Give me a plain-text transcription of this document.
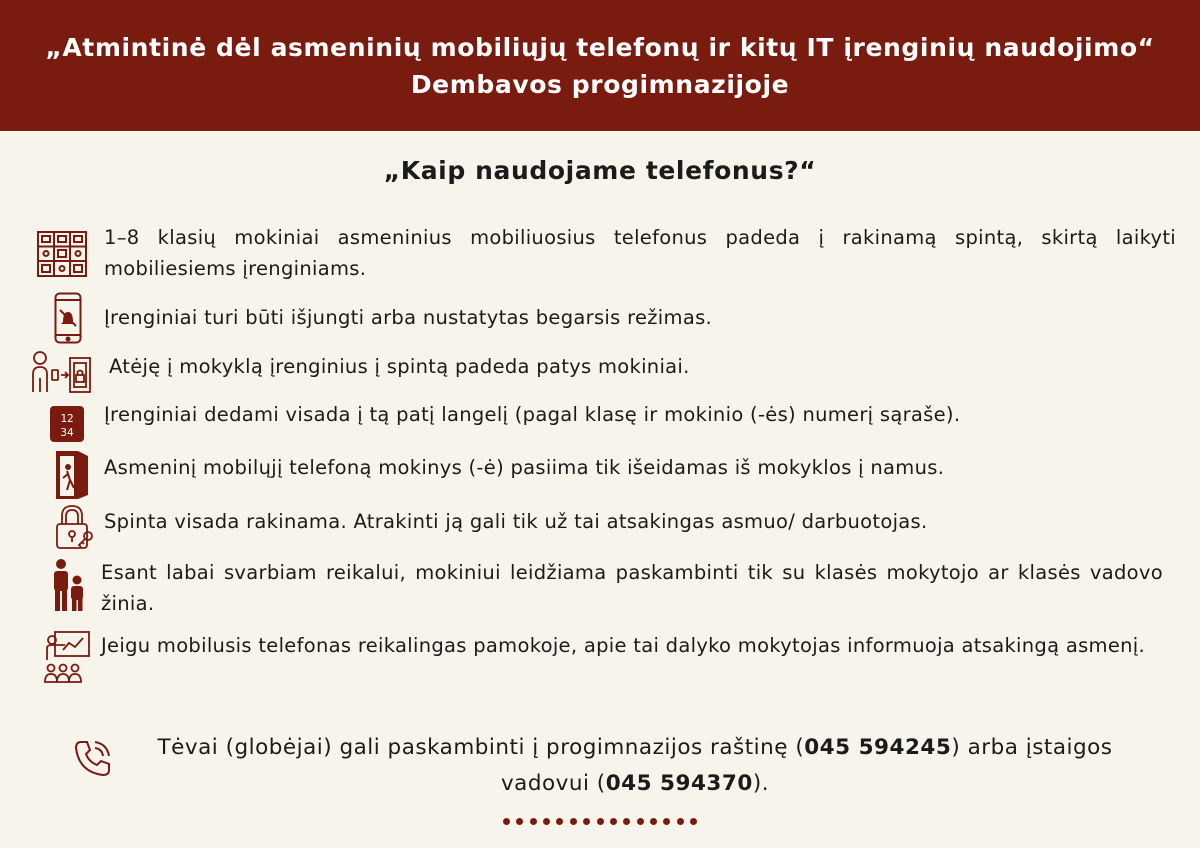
„Atmintinė dėl asmeninių mobiliųjų telefonų ir kitų IT įrenginių naudojimo“
Dembavos progimnazijoje
„Kaip naudojame telefonus?“
1–8 klasių mokiniai asmeninius mobiliuosius telefonus padeda į rakinamą spintą, skirtą laikyti mobiliesiems įrenginiams.
Įrenginiai turi būti išjungti arba nustatytas begarsis režimas.
Atėję į mokyklą įrenginius į spintą padeda patys mokiniai.
12
34
Įrenginiai dedami visada į tą patį langelį (pagal klasę ir mokinio (-ės) numerį sąraše).
Asmeninį mobilųjį telefoną mokinys (-ė) pasiima tik išeidamas iš mokyklos į namus.
Spinta visada rakinama. Atrakinti ją gali tik už tai atsakingas asmuo/ darbuotojas.
Esant labai svarbiam reikalui, mokiniui leidžiama paskambinti tik su klasės mokytojo ar klasės vadovo žinia.
Jeigu mobilusis telefonas reikalingas pamokoje, apie tai dalyko mokytojas informuoja atsakingą asmenį.
Tėvai (globėjai) gali paskambinti į progimnazijos raštinę (045 594245) arba įstaigos vadovui (045 594370).
